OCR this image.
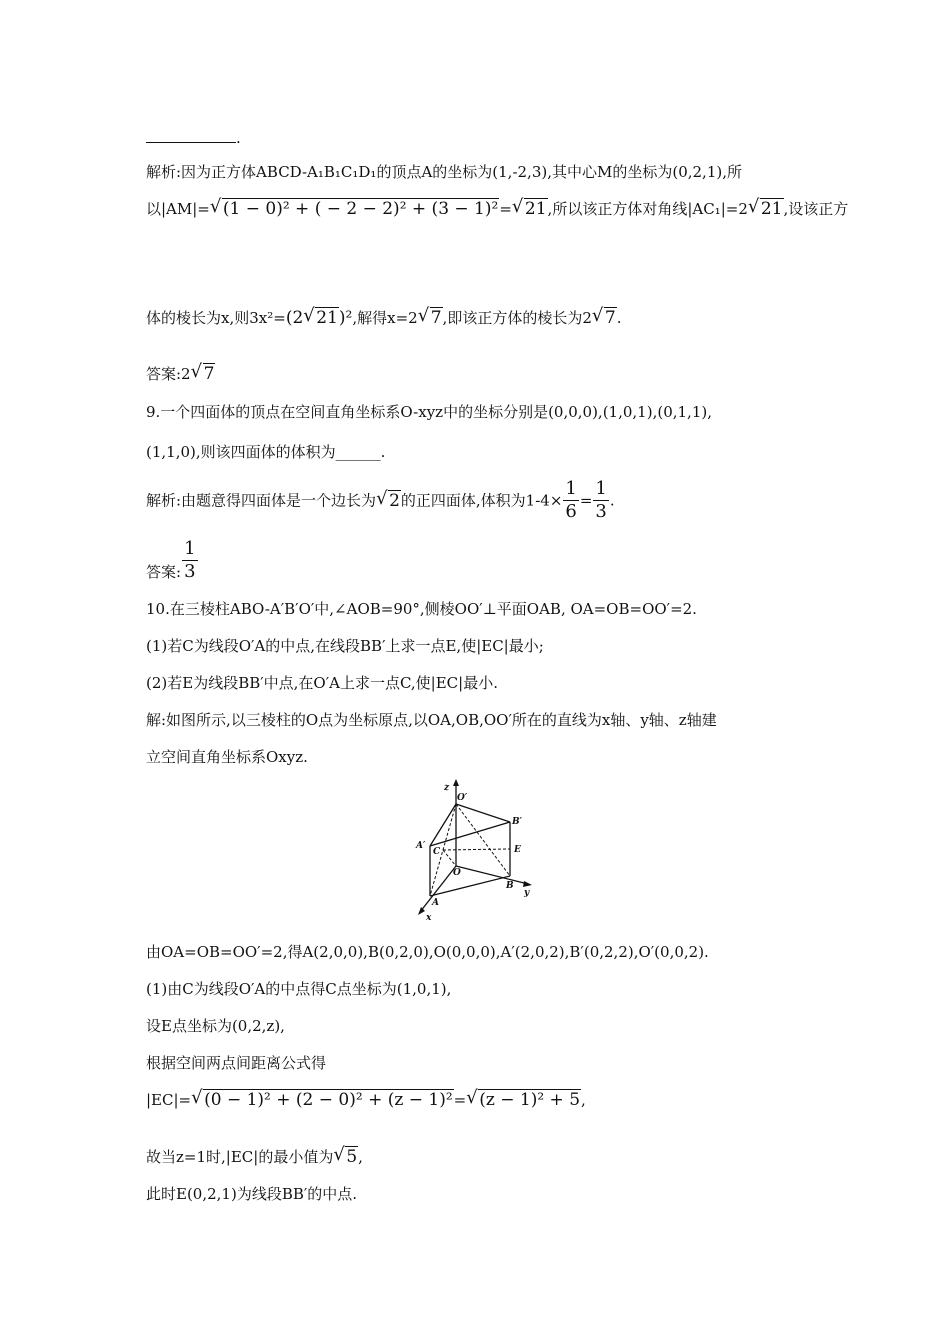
.
解析:因为正方体ABCD-A₁B₁C₁D₁的顶点A的坐标为(1,-2,3),其中心M的坐标为(0,2,1),所
以|AM|= √ (1 − 0)² + ( − 2 − 2)² + (3 − 1)²= √ 21,所以该正方体对角线|AC₁|=2 √ 21,设该正方
体的棱长为x,则3x²=(2 √ 21)²,解得x=2 √ 7,即该正方体的棱长为2 √ 7.
答案:2 √ 7
9.一个四面体的顶点在空间直角坐标系O-xyz中的坐标分别是(0,0,0),(1,0,1),(0,1,1),
(1,1,0),则该四面体的体积为______.
解析:由题意得四面体是一个边长为 √ 2的正四面体,体积为$1-4\times \frac{1}{6} = \frac{1}{3}$ .
答案: $\frac{1}{3}$
10.在三棱柱ABO-A′B′O′中,∠AOB=90°,侧棱OO′⊥平面OAB, OA=OB=OO′=2.
(1)若C为线段O′A的中点,在线段BB′上求一点E,使|EC|最小;
(2)若E为线段BB′中点,在O′A上求一点C,使|EC|最小.
解:如图所示,以三棱柱的O点为坐标原点,以OA,OB,OO′所在的直线为x轴、y轴、z轴建
立空间直角坐标系Oxyz.
z
O′
B′
A′
C	E
O
B
y
A
x
由OA=OB=OO′=2,得A(2,0,0),B(0,2,0),O(0,0,0),A′(2,0,2),B′(0,2,2),O′(0,0,2).
(1)由C为线段O′A的中点得C点坐标为(1,0,1),
设E点坐标为(0,2,z),
根据空间两点间距离公式得
|EC|= √ (0 − 1)² + (2 − 0)² + (z − 1)²= √ (z − 1)² + 5,
故当z=1时,|EC|的最小值为 √ 5,
此时E(0,2,1)为线段BB′的中点.
